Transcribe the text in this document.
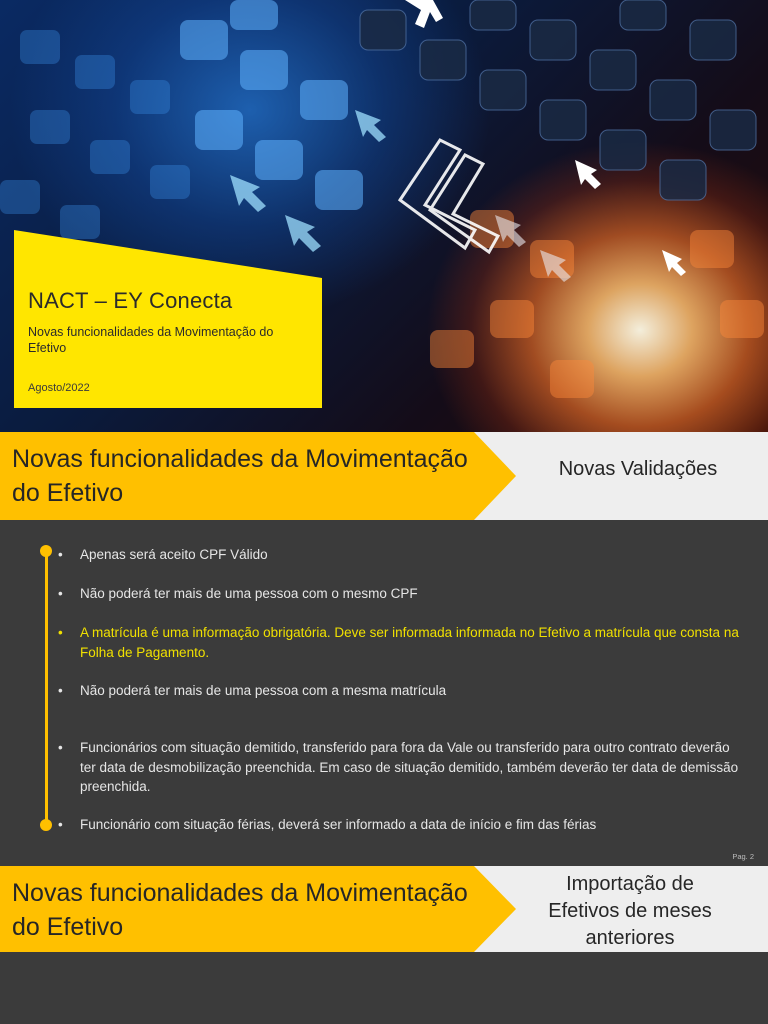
NACT – EY Conecta
Novas funcionalidades da Movimentação do Efetivo
Agosto/2022
Novas funcionalidades da Movimentação do Efetivo
Novas Validações
•	Apenas será aceito CPF Válido
•	Não poderá ter mais de uma pessoa com o mesmo CPF
•	A matrícula é uma informação obrigatória. Deve ser informada informada no Efetivo a matrícula que consta na Folha de Pagamento.
•	Não poderá ter mais de uma pessoa com a mesma matrícula
•	Funcionários com situação demitido, transferido para fora da Vale ou transferido para outro contrato deverão ter data de desmobilização preenchida. Em caso de situação demitido, também deverão ter data de demissão preenchida.
•	Funcionário com situação férias, deverá ser informado a data de início e fim das férias
Pag. 2
Novas funcionalidades da Movimentação do Efetivo
Importação de Efetivos de meses anteriores
